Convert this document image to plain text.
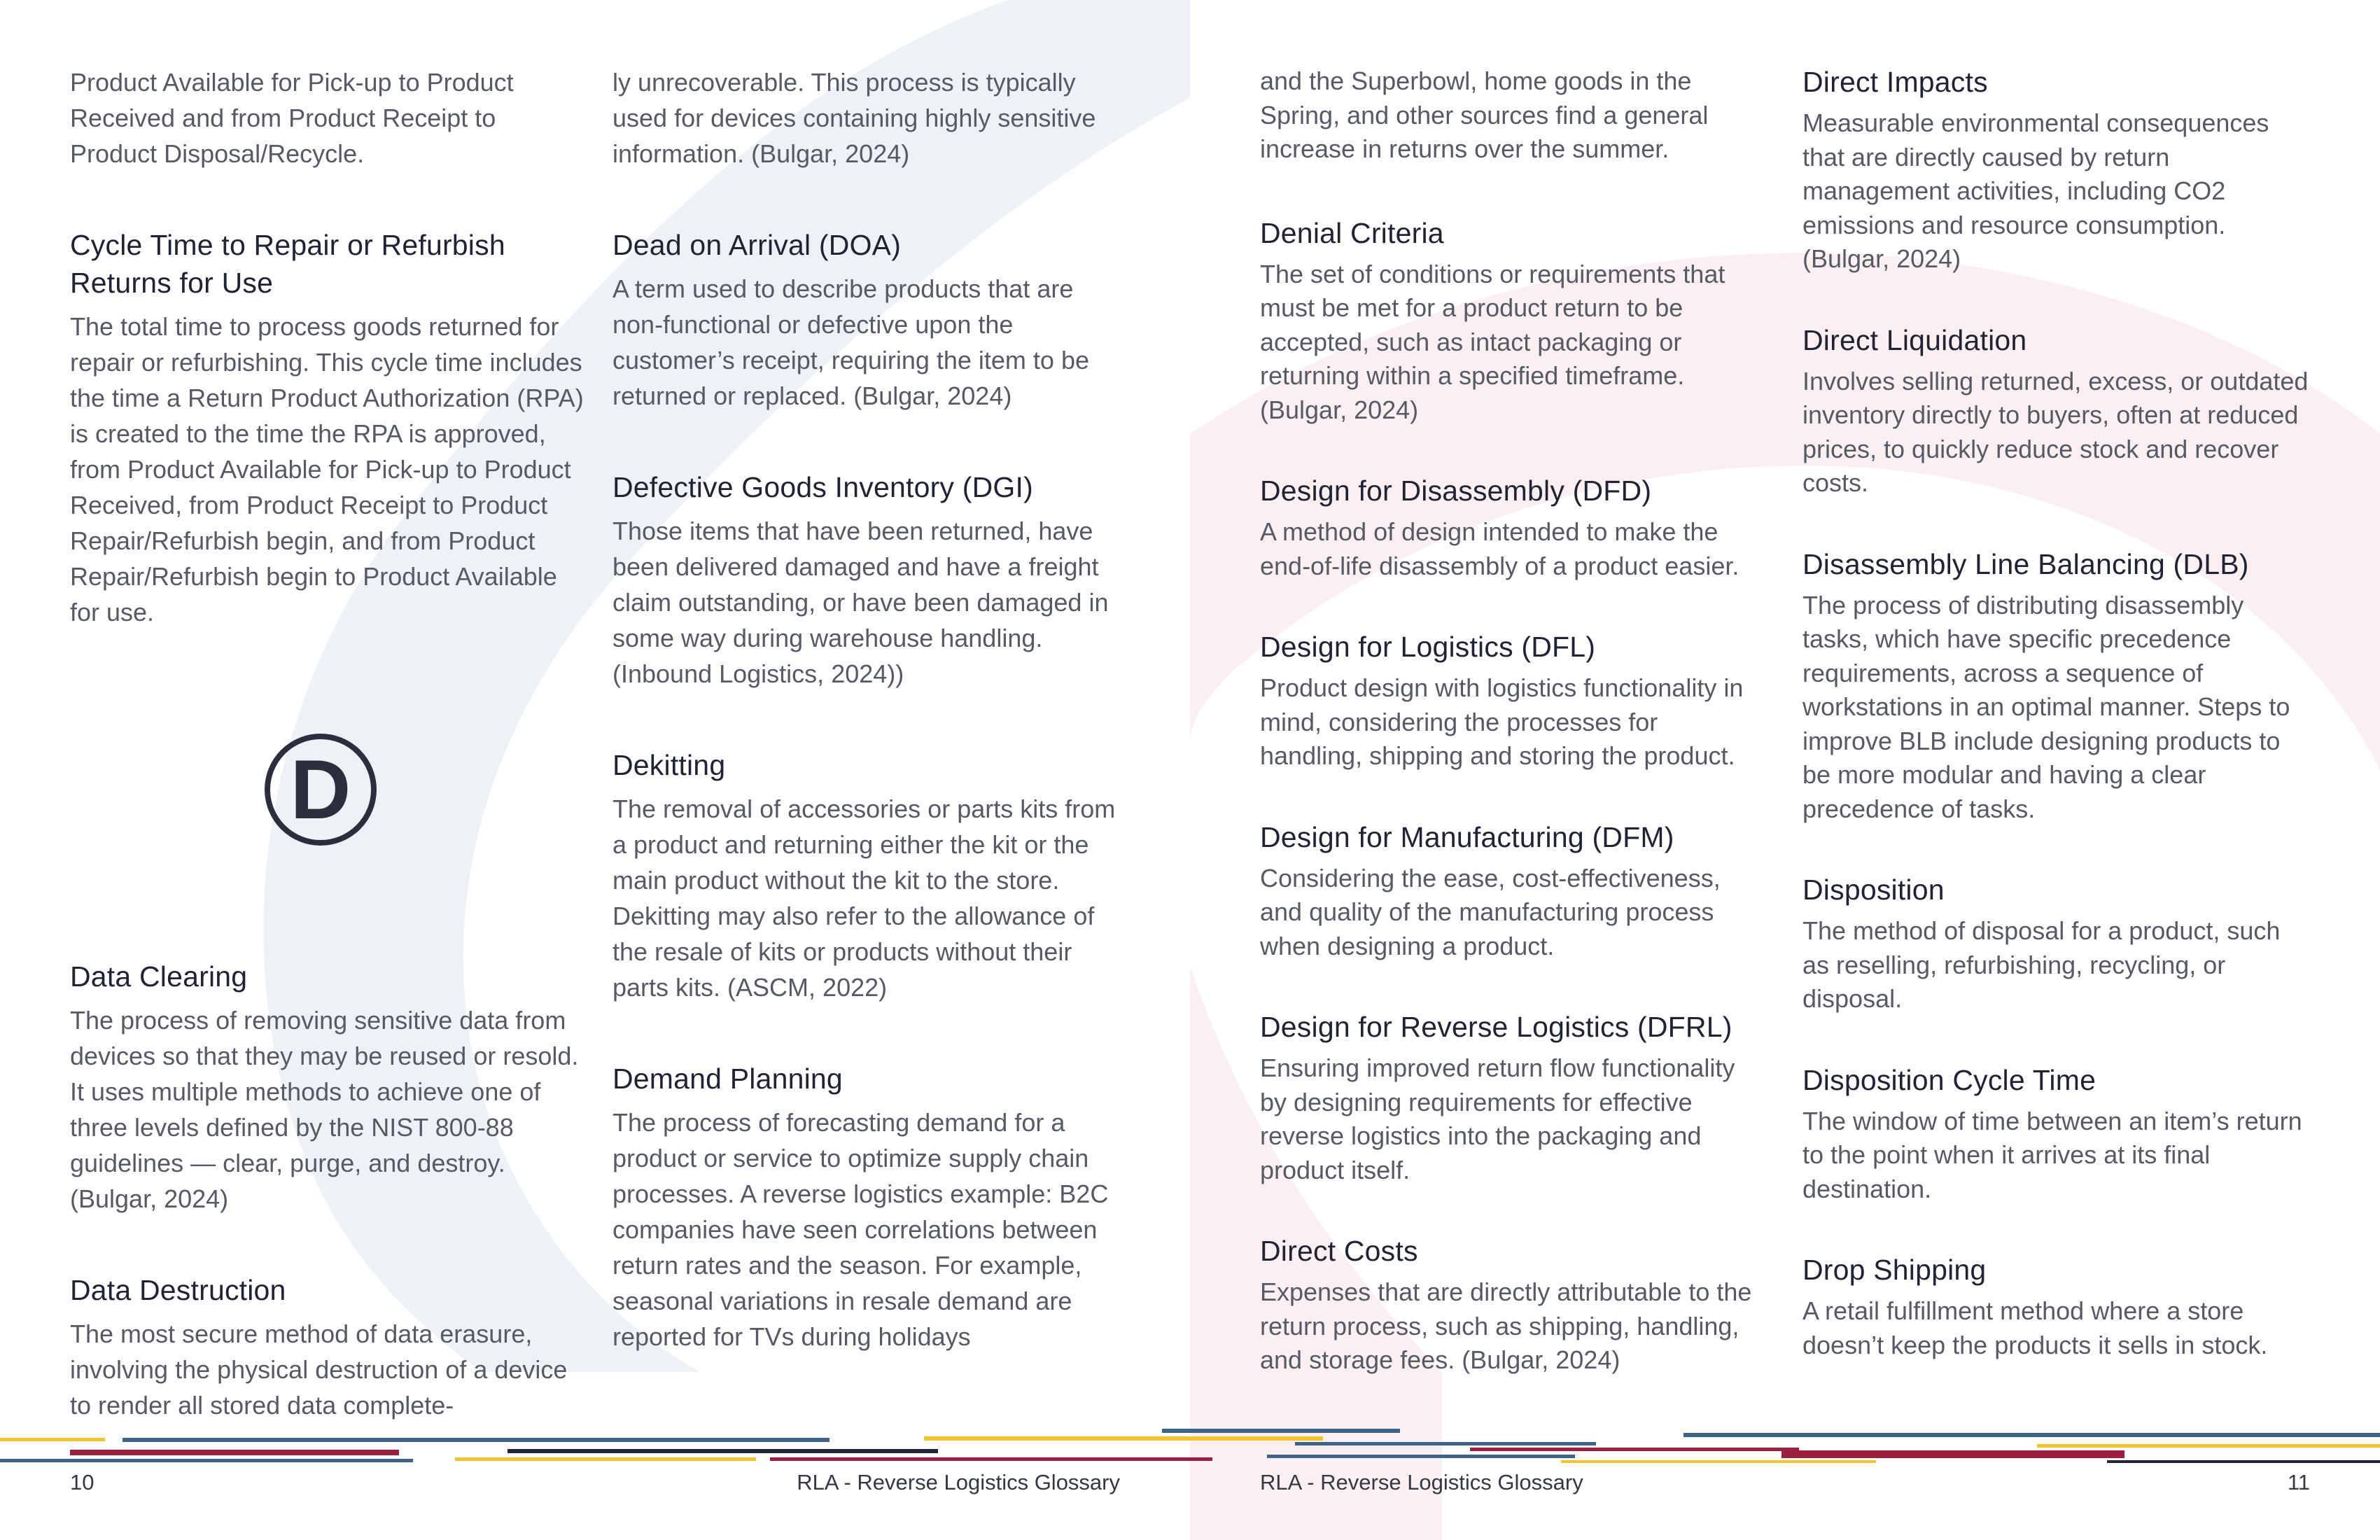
Product Available for Pick-up to Product Received and from Product Receipt to Product Disposal/Recycle.

Cycle Time to Repair or Refurbish Returns for Use

The total time to process goods returned for repair or refurbishing. This cycle time includes the time a Return Product Authorization (RPA) is created to the time the RPA is approved, from Product Available for Pick-up to Product Received, from Product Receipt to Product Repair/Refurbish begin, and from Product Repair/Refurbish begin to Product Available for use.

D
Data Clearing

The process of removing sensitive data from devices so that they may be reused or resold. It uses multiple methods to achieve one of three levels defined by the NIST 800-88 guidelines — clear, purge, and destroy. (Bulgar, 2024)

Data Destruction

The most secure method of data erasure, involving the physical destruction of a device to render all stored data complete-

ly unrecoverable. This process is typically used for devices containing highly sensitive information. (Bulgar, 2024)

Dead on Arrival (DOA)

A term used to describe products that are non-functional or defective upon the customer’s receipt, requiring the item to be returned or replaced. (Bulgar, 2024)

Defective Goods Inventory (DGI)

Those items that have been returned, have been delivered damaged and have a freight claim outstanding, or have been damaged in some way during warehouse handling. (Inbound Logistics, 2024))

Dekitting

The removal of accessories or parts kits from a product and returning either the kit or the main product without the kit to the store. Dekitting may also refer to the allowance of the resale of kits or products without their parts kits. (ASCM, 2022)

Demand Planning

The process of forecasting demand for a product or service to optimize supply chain processes. A reverse logistics example: B2C companies have seen correlations between return rates and the season. For example, seasonal variations in resale demand are reported for TVs during holidays

10	RLA - Reverse Logistics Glossary

and the Superbowl, home goods in the Spring, and other sources find a general increase in returns over the summer.

Denial Criteria

The set of conditions or requirements that must be met for a product return to be accepted, such as intact packaging or returning within a specified timeframe. (Bulgar, 2024)

Design for Disassembly (DFD)

A method of design intended to make the end-of-life disassembly of a product easier.

Design for Logistics (DFL)

Product design with logistics functionality in mind, considering the processes for handling, shipping and storing the product.

Design for Manufacturing (DFM)

Considering the ease, cost-effectiveness, and quality of the manufacturing process when designing a product.

Design for Reverse Logistics (DFRL)

Ensuring improved return flow functionality by designing requirements for effective reverse logistics into the packaging and product itself.

Direct Costs

Expenses that are directly attributable to the return process, such as shipping, handling, and storage fees. (Bulgar, 2024)

Direct Impacts

Measurable environmental consequences that are directly caused by return management activities, including CO2 emissions and resource consumption. (Bulgar, 2024)

Direct Liquidation

Involves selling returned, excess, or outdated inventory directly to buyers, often at reduced prices, to quickly reduce stock and recover costs.

Disassembly Line Balancing (DLB)

The process of distributing disassembly tasks, which have specific precedence requirements, across a sequence of workstations in an optimal manner. Steps to improve BLB include designing products to be more modular and having a clear precedence of tasks.

Disposition

The method of disposal for a product, such as reselling, refurbishing, recycling, or disposal.

Disposition Cycle Time

The window of time between an item’s return to the point when it arrives at its final destination.

Drop Shipping

A retail fulfillment method where a store doesn’t keep the products it sells in stock.

RLA - Reverse Logistics Glossary	11
